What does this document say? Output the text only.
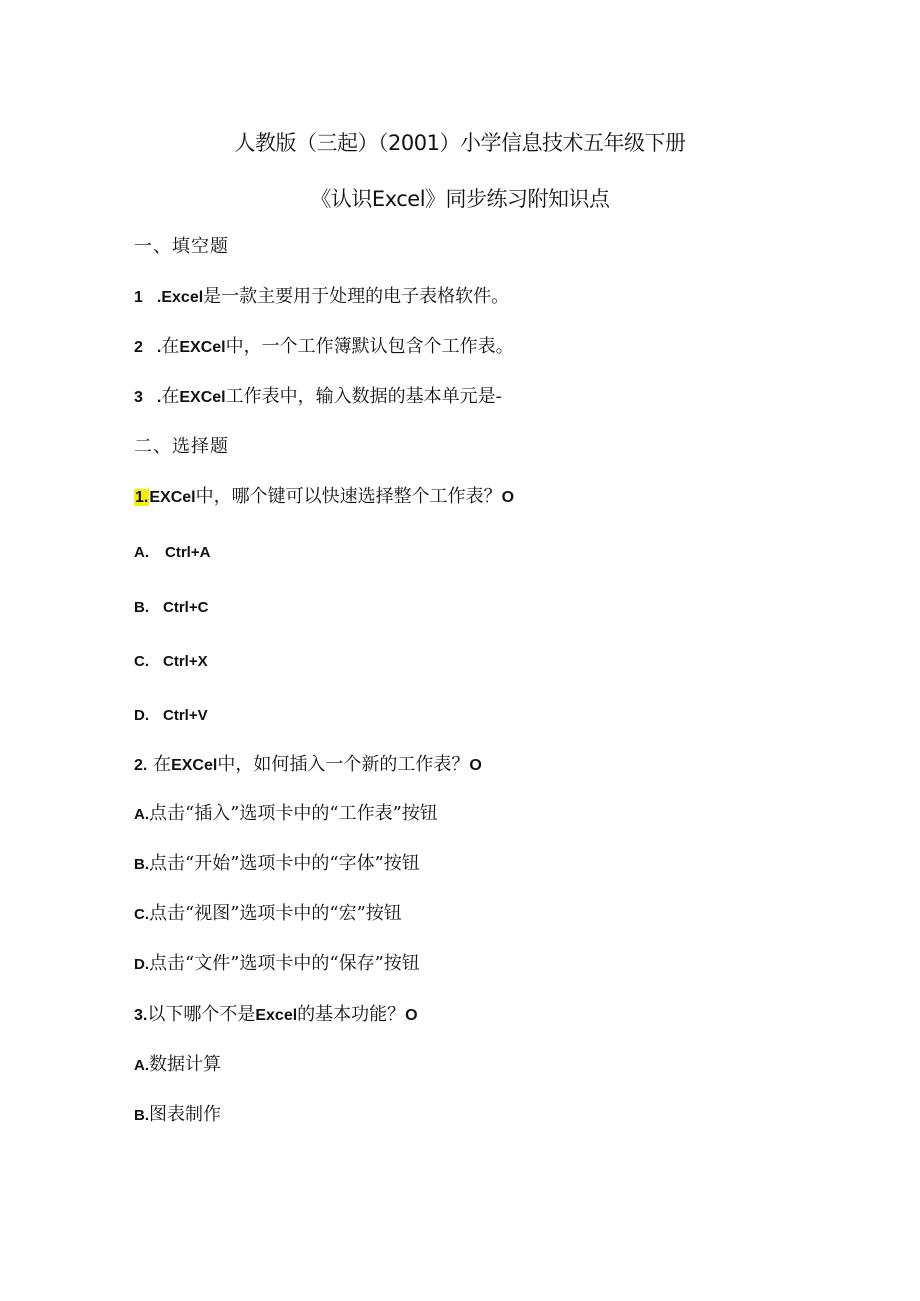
人教版（三起）（2001）小学信息技术五年级下册
《认识Excel》同步练习附知识点
一、填空题
1 .Excel是一款主要用于处理的电子表格软件。
2 .在EXCel中，一个工作簿默认包含个工作表。
3 .在EXCel工作表中，输入数据的基本单元是-
二、选择题
1.EXCel中，哪个键可以快速选择整个工作表？O
A. Ctrl+A
B. Ctrl+C
C. Ctrl+X
D. Ctrl+V
2. 在EXCel中，如何插入一个新的工作表？O
A.点击“插入”选项卡中的“工作表”按钮
B.点击“开始”选项卡中的“字体”按钮
C.点击“视图”选项卡中的“宏”按钮
D.点击“文件”选项卡中的“保存”按钮
3.以下哪个不是Excel的基本功能？O
A.数据计算
B.图表制作
